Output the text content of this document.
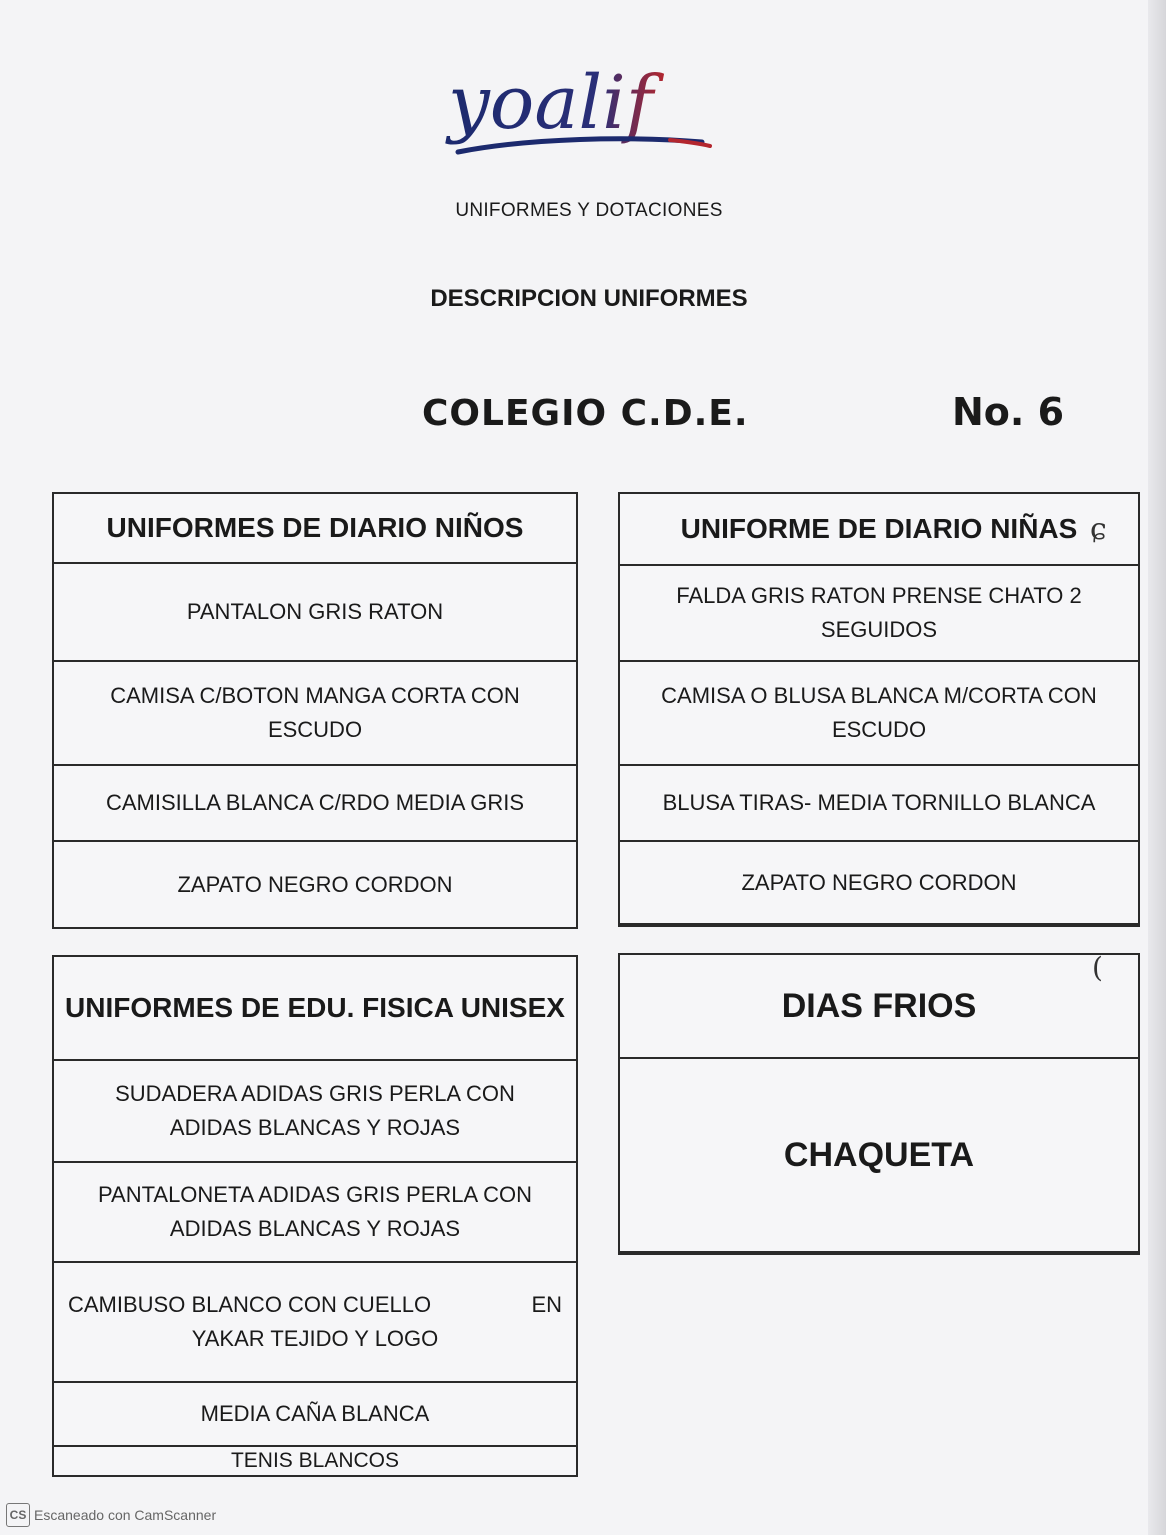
yoalif
UNIFORMES Y DOTACIONES
DESCRIPCION UNIFORMES
COLEGIO C.D.E.	No. 6
UNIFORMES DE DIARIO NIÑOS
PANTALON GRIS RATON
CAMISA C/BOTON MANGA CORTA CON ESCUDO
CAMISILLA BLANCA C/RDO MEDIA GRIS
ZAPATO NEGRO CORDON
UNIFORME DE DIARIO NIÑAS
FALDA GRIS RATON PRENSE CHATO 2 SEGUIDOS
CAMISA O BLUSA BLANCA M/CORTA CON ESCUDO
BLUSA TIRAS- MEDIA TORNILLO BLANCA
ZAPATO NEGRO CORDON
ɕ
UNIFORMES DE EDU. FISICA UNISEX
SUDADERA ADIDAS GRIS PERLA CON ADIDAS BLANCAS Y ROJAS
PANTALONETA ADIDAS GRIS PERLA CON ADIDAS BLANCAS Y ROJAS
CAMIBUSO BLANCO CON CUELLO	EN
YAKAR TEJIDO Y LOGO
MEDIA CAÑA BLANCA
TENIS BLANCOS
DIAS FRIOS
CHAQUETA
(
CS Escaneado con CamScanner
